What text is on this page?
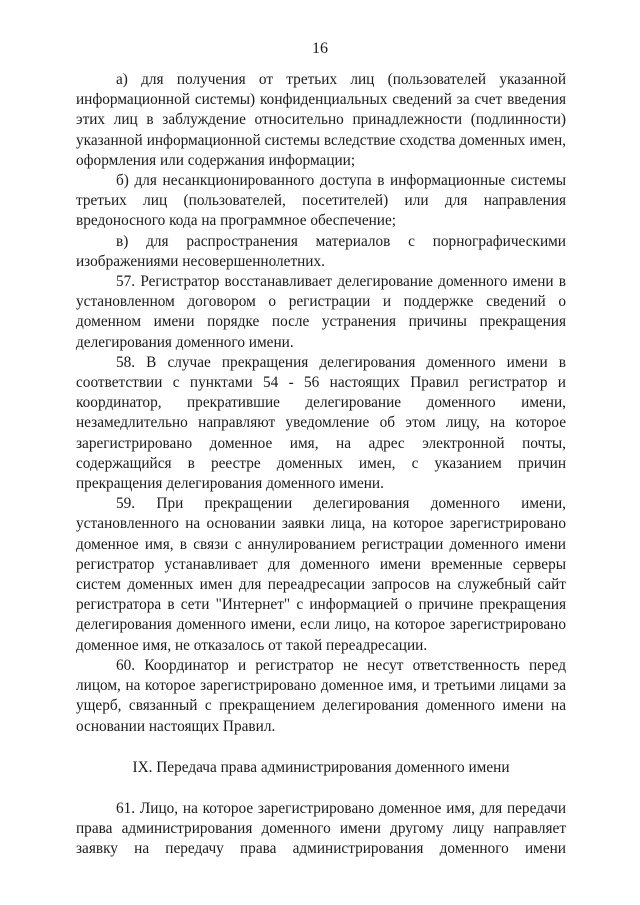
16

а) для получения от третьих лиц (пользователей указанной информационной системы) конфиденциальных сведений за счет введения этих лиц в заблуждение относительно принадлежности (подлинности) указанной информационной системы вследствие сходства доменных имен, оформления или содержания информации;

б) для несанкционированного доступа в информационные системы третьих лиц (пользователей, посетителей) или для направления вредоносного кода на программное обеспечение;

в) для распространения материалов с порнографическими изображениями несовершеннолетних.

57. Регистратор восстанавливает делегирование доменного имени в установленном договором о регистрации и поддержке сведений о доменном имени порядке после устранения причины прекращения делегирования доменного имени.

58. В случае прекращения делегирования доменного имени в соответствии с пунктами 54 - 56 настоящих Правил регистратор и координатор, прекратившие делегирование доменного имени, незамедлительно направляют уведомление об этом лицу, на которое зарегистрировано доменное имя, на адрес электронной почты, содержащийся в реестре доменных имен, с указанием причин прекращения делегирования доменного имени.

59. При прекращении делегирования доменного имени, установленного на основании заявки лица, на которое зарегистрировано доменное имя, в связи с аннулированием регистрации доменного имени регистратор устанавливает для доменного имени временные серверы систем доменных имен для переадресации запросов на служебный сайт регистратора в сети "Интернет" с информацией о причине прекращения делегирования доменного имени, если лицо, на которое зарегистрировано доменное имя, не отказалось от такой переадресации.

60. Координатор и регистратор не несут ответственность перед лицом, на которое зарегистрировано доменное имя, и третьими лицами за ущерб, связанный с прекращением делегирования доменного имени на основании настоящих Правил.

IX. Передача права администрирования доменного имени

61. Лицо, на которое зарегистрировано доменное имя, для передачи права администрирования доменного имени другому лицу направляет заявку на передачу права администрирования доменного имени
